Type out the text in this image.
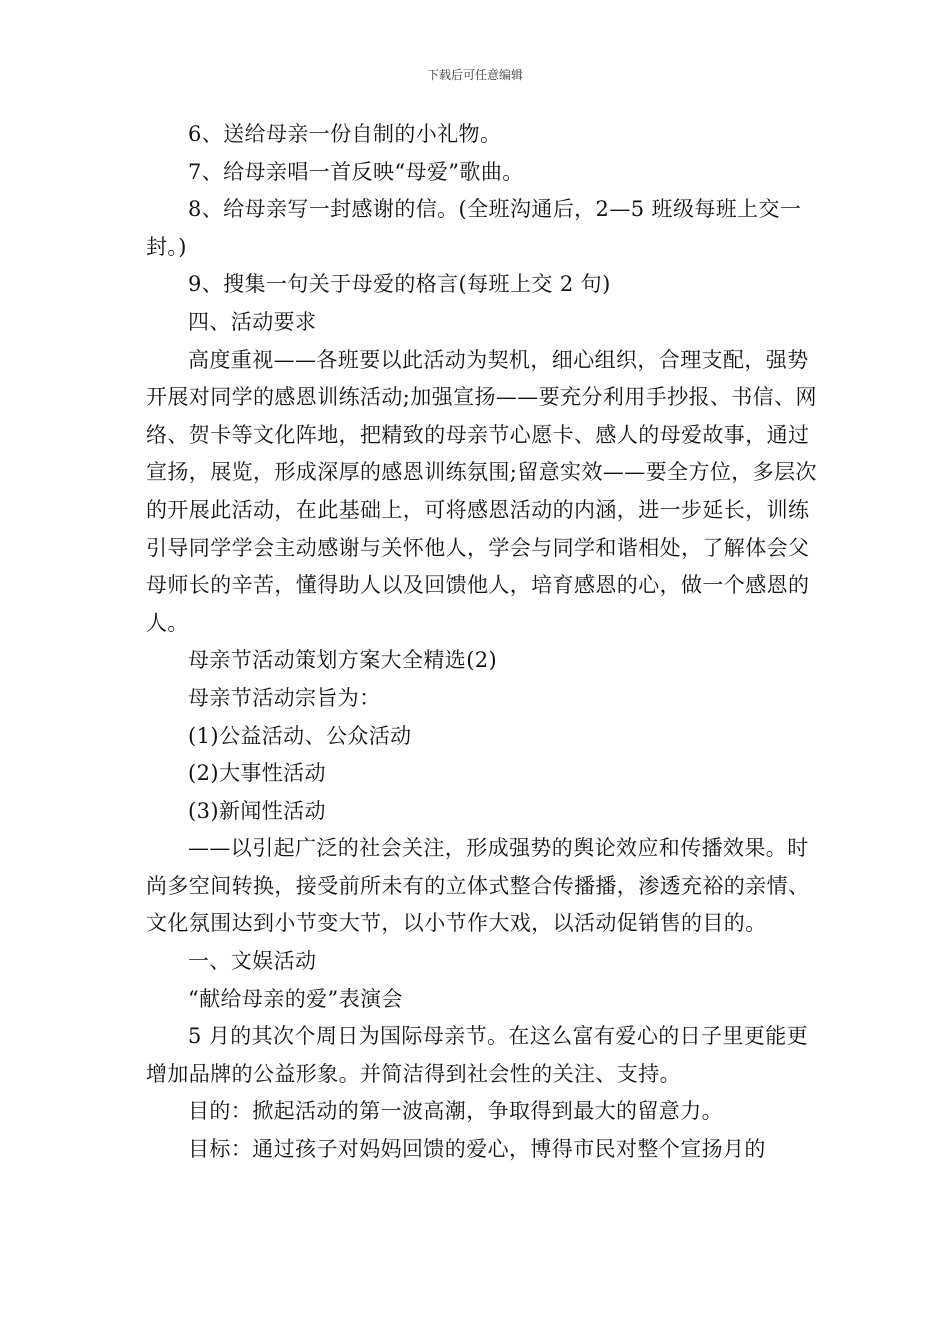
下载后可任意编辑

6、送给母亲一份自制的小礼物。

7、给母亲唱一首反映“母爱”歌曲。

8、给母亲写一封感谢的信。(全班沟通后，2—5 班级每班上交一封。)

9、搜集一句关于母爱的格言(每班上交 2 句)

四、活动要求

高度重视——各班要以此活动为契机，细心组织，合理支配，强势开展对同学的感恩训练活动;加强宣扬——要充分利用手抄报、书信、网络、贺卡等文化阵地，把精致的母亲节心愿卡、感人的母爱故事，通过宣扬，展览，形成深厚的感恩训练氛围;留意实效——要全方位，多层次的开展此活动，在此基础上，可将感恩活动的内涵，进一步延长，训练引导同学学会主动感谢与关怀他人，学会与同学和谐相处，了解体会父母师长的辛苦，懂得助人以及回馈他人，培育感恩的心，做一个感恩的人。

母亲节活动策划方案大全精选(2)

母亲节活动宗旨为：

(1)公益活动、公众活动

(2)大事性活动

(3)新闻性活动

——以引起广泛的社会关注，形成强势的舆论效应和传播效果。时尚多空间转换，接受前所未有的立体式整合传播播，渗透充裕的亲情、文化氛围达到小节变大节，以小节作大戏，以活动促销售的目的。

一、文娱活动

“献给母亲的爱”表演会

5 月的其次个周日为国际母亲节。在这么富有爱心的日子里更能更增加品牌的公益形象。并简洁得到社会性的关注、支持。

目的：掀起活动的第一波高潮，争取得到最大的留意力。

目标：通过孩子对妈妈回馈的爱心，博得市民对整个宣扬月的
